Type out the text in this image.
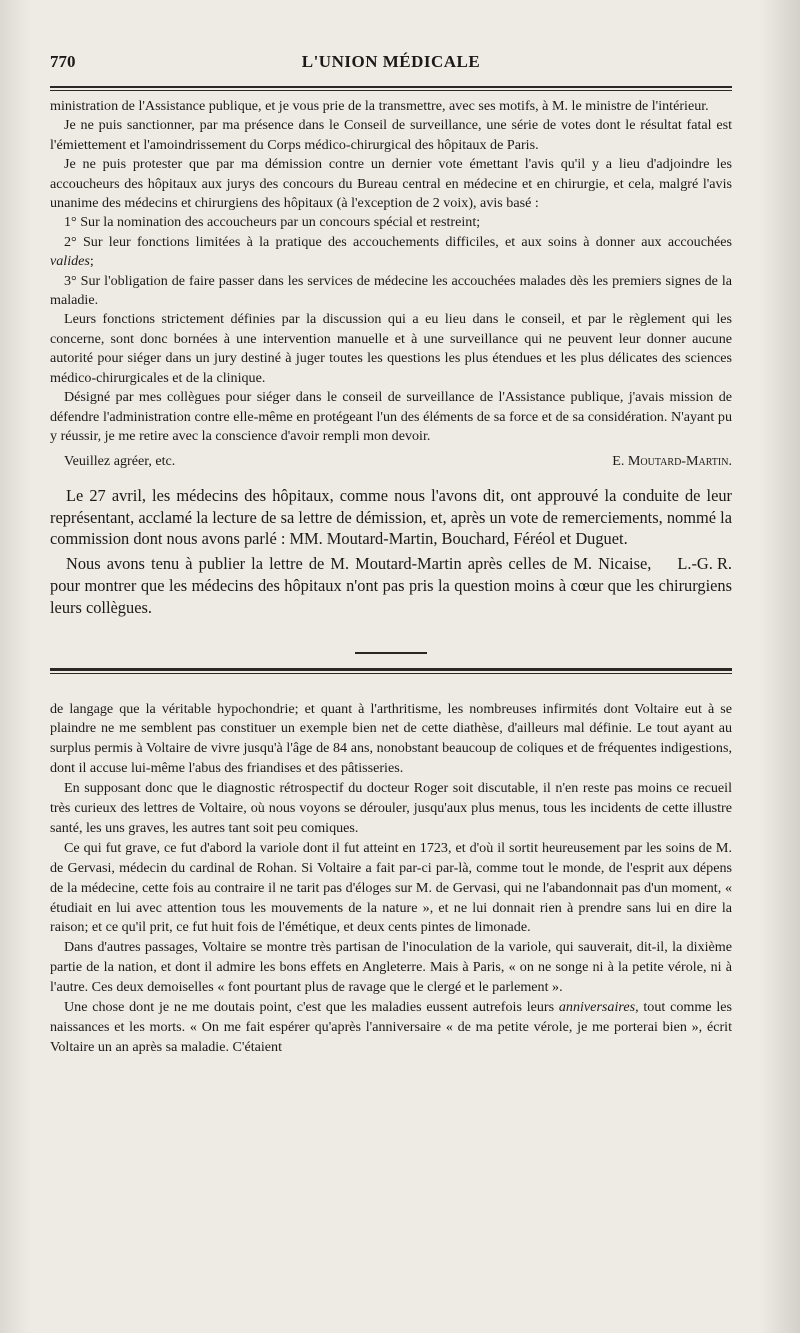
770	L'UNION MÉDICALE

ministration de l'Assistance publique, et je vous prie de la transmettre, avec ses motifs, à M. le ministre de l'intérieur.

Je ne puis sanctionner, par ma présence dans le Conseil de surveillance, une série de votes dont le résultat fatal est l'émiettement et l'amoindrissement du Corps médico-chirurgical des hôpitaux de Paris.

Je ne puis protester que par ma démission contre un dernier vote émettant l'avis qu'il y a lieu d'adjoindre les accoucheurs des hôpitaux aux jurys des concours du Bureau central en médecine et en chirurgie, et cela, malgré l'avis unanime des médecins et chirurgiens des hôpitaux (à l'exception de 2 voix), avis basé :

1° Sur la nomination des accoucheurs par un concours spécial et restreint;

2° Sur leur fonctions limitées à la pratique des accouchements difficiles, et aux soins à donner aux accouchées valides;

3° Sur l'obligation de faire passer dans les services de médecine les accouchées malades dès les premiers signes de la maladie.

Leurs fonctions strictement définies par la discussion qui a eu lieu dans le conseil, et par le règlement qui les concerne, sont donc bornées à une intervention manuelle et à une surveillance qui ne peuvent leur donner aucune autorité pour siéger dans un jury destiné à juger toutes les questions les plus étendues et les plus délicates des sciences médico-chirurgicales et de la clinique.

Désigné par mes collègues pour siéger dans le conseil de surveillance de l'Assistance publique, j'avais mission de défendre l'administration contre elle-même en protégeant l'un des éléments de sa force et de sa considération. N'ayant pu y réussir, je me retire avec la conscience d'avoir rempli mon devoir.

Veuillez agréer, etc.	E. Moutard-Martin.

Le 27 avril, les médecins des hôpitaux, comme nous l'avons dit, ont approuvé la conduite de leur représentant, acclamé la lecture de sa lettre de démission, et, après un vote de remerciements, nommé la commission dont nous avons parlé : MM. Moutard-Martin, Bouchard, Féréol et Duguet.

L.-G. R.
Nous avons tenu à publier la lettre de M. Moutard-Martin après celles de M. Nicaise, pour montrer que les médecins des hôpitaux n'ont pas pris la question moins à cœur que les chirurgiens leurs collègues.

de langage que la véritable hypochondrie; et quant à l'arthritisme, les nombreuses infirmités dont Voltaire eut à se plaindre ne me semblent pas constituer un exemple bien net de cette diathèse, d'ailleurs mal définie. Le tout ayant au surplus permis à Voltaire de vivre jusqu'à l'âge de 84 ans, nonobstant beaucoup de coliques et de fréquentes indigestions, dont il accuse lui-même l'abus des friandises et des pâtisseries.

En supposant donc que le diagnostic rétrospectif du docteur Roger soit discutable, il n'en reste pas moins ce recueil très curieux des lettres de Voltaire, où nous voyons se dérouler, jusqu'aux plus menus, tous les incidents de cette illustre santé, les uns graves, les autres tant soit peu comiques.

Ce qui fut grave, ce fut d'abord la variole dont il fut atteint en 1723, et d'où il sortit heureusement par les soins de M. de Gervasi, médecin du cardinal de Rohan. Si Voltaire a fait par-ci par-là, comme tout le monde, de l'esprit aux dépens de la médecine, cette fois au contraire il ne tarit pas d'éloges sur M. de Gervasi, qui ne l'abandonnait pas d'un moment, « étudiait en lui avec attention tous les mouvements de la nature », et ne lui donnait rien à prendre sans lui en dire la raison; et ce qu'il prit, ce fut huit fois de l'émétique, et deux cents pintes de limonade.

Dans d'autres passages, Voltaire se montre très partisan de l'inoculation de la variole, qui sauverait, dit-il, la dixième partie de la nation, et dont il admire les bons effets en Angleterre. Mais à Paris, « on ne songe ni à la petite vérole, ni à l'autre. Ces deux demoiselles « font pourtant plus de ravage que le clergé et le parlement ».

Une chose dont je ne me doutais point, c'est que les maladies eussent autrefois leurs anniversaires, tout comme les naissances et les morts. « On me fait espérer qu'après l'anniversaire « de ma petite vérole, je me porterai bien », écrit Voltaire un an après sa maladie. C'étaient
